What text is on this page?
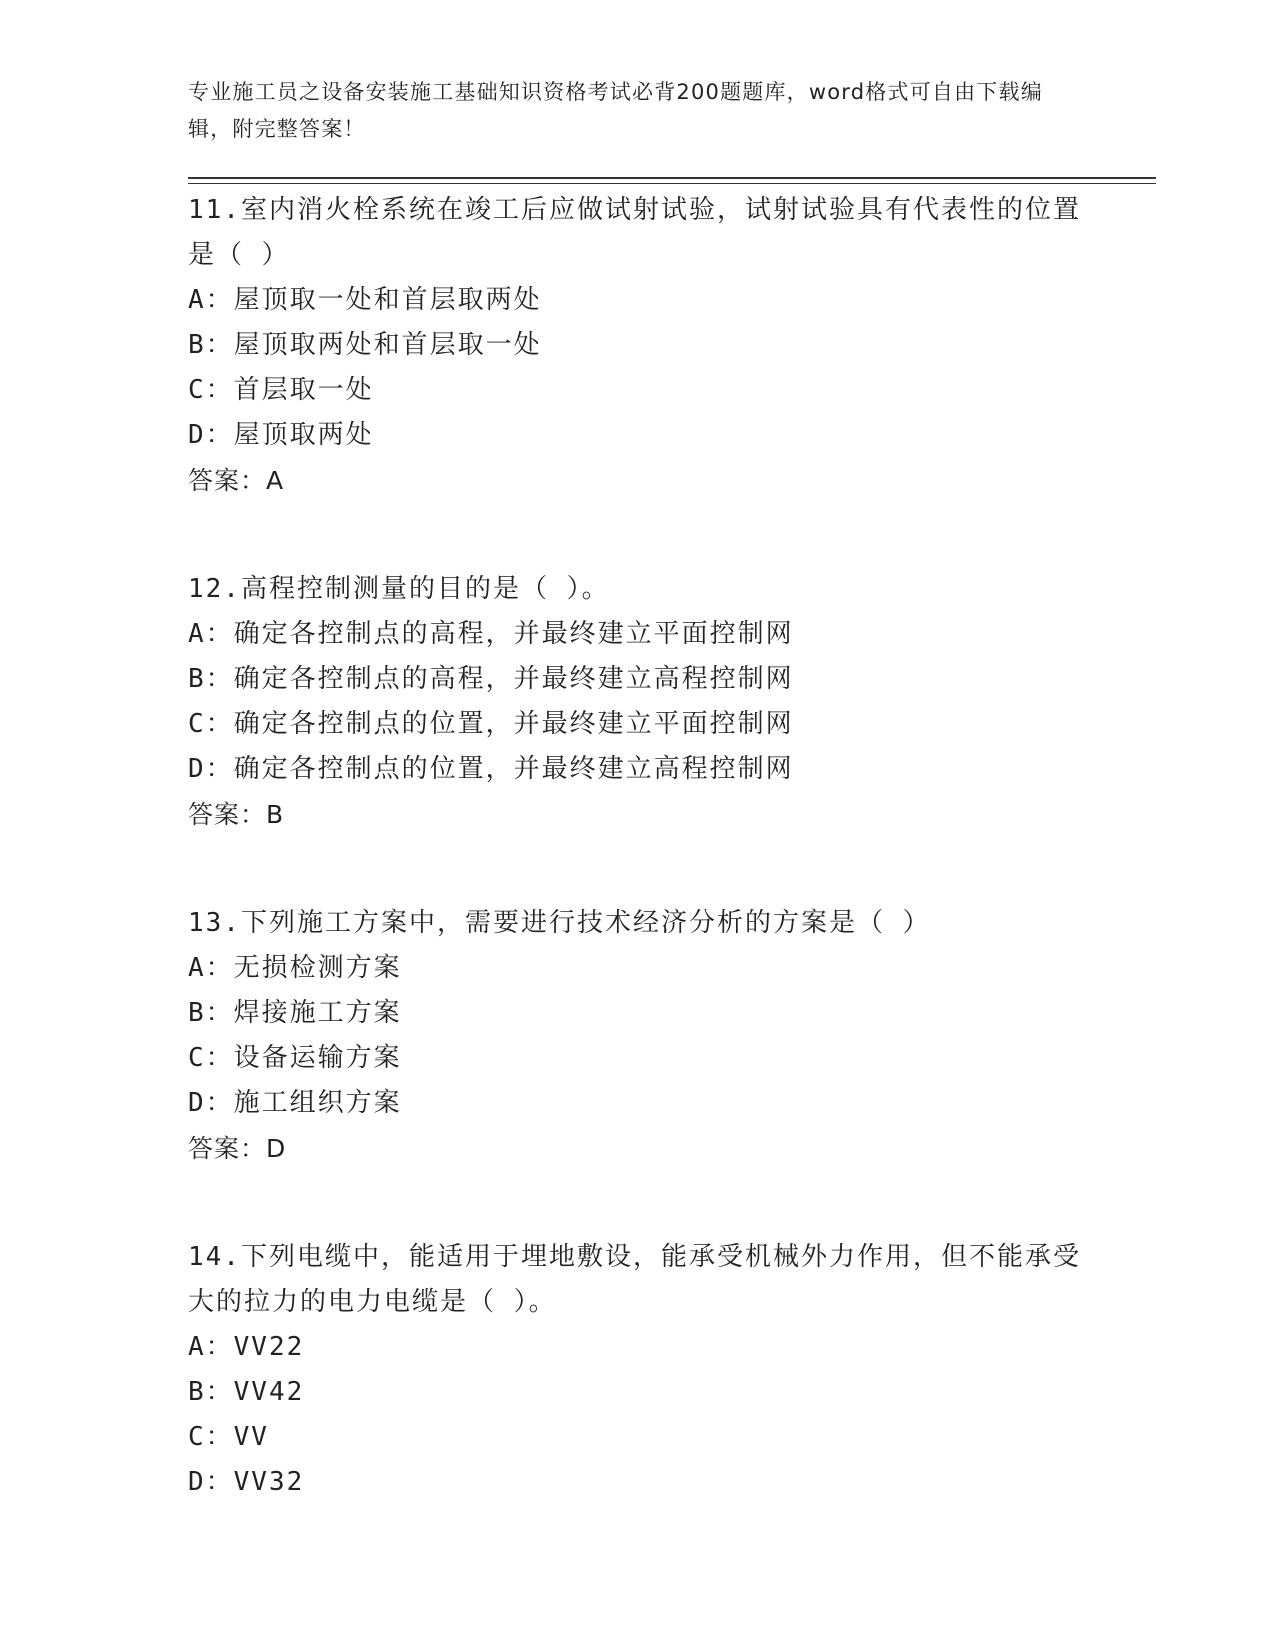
专业施工员之设备安装施工基础知识资格考试必背200题题库，word格式可自由下载编辑，附完整答案！
11.室内消火栓系统在竣工后应做试射试验，试射试验具有代表性的位置是（ ）
A：屋顶取一处和首层取两处
B：屋顶取两处和首层取一处
C：首层取一处
D：屋顶取两处
答案：A
12.高程控制测量的目的是（ ）。
A：确定各控制点的高程，并最终建立平面控制网
B：确定各控制点的高程，并最终建立高程控制网
C：确定各控制点的位置，并最终建立平面控制网
D：确定各控制点的位置，并最终建立高程控制网
答案：B
13.下列施工方案中，需要进行技术经济分析的方案是（ ）
A：无损检测方案
B：焊接施工方案
C：设备运输方案
D：施工组织方案
答案：D
14.下列电缆中，能适用于埋地敷设，能承受机械外力作用，但不能承受大的拉力的电力电缆是（ ）。
A：VV22
B：VV42
C：VV
D：VV32
